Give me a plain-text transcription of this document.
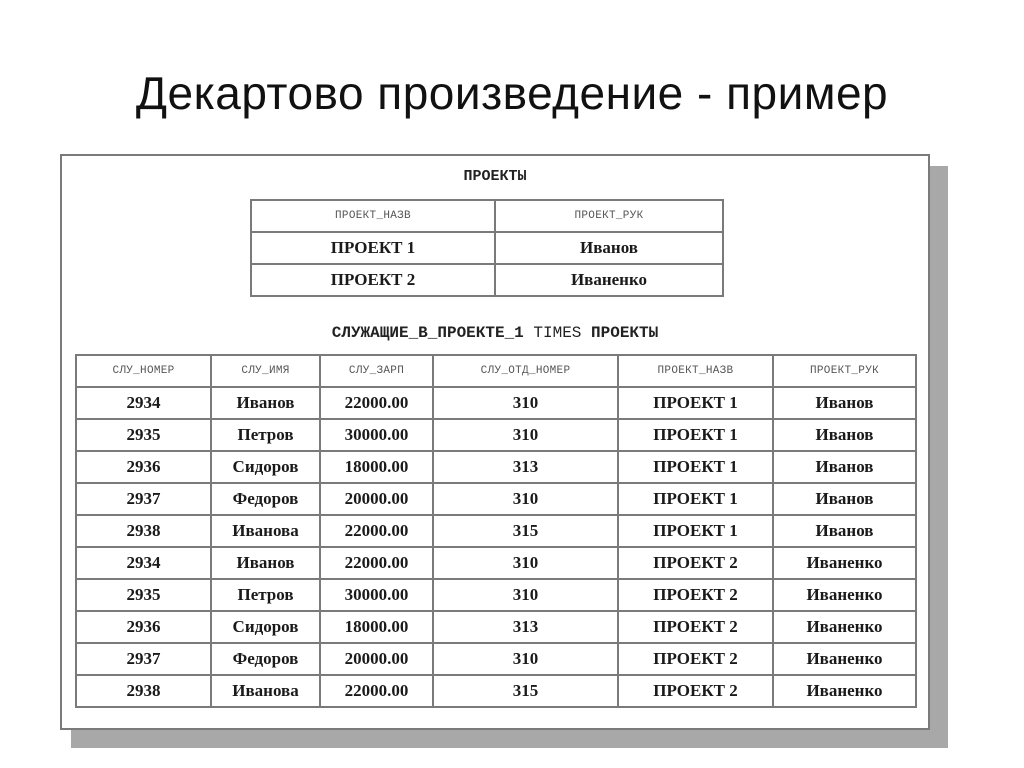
Декартово произведение - пример
ПРОЕКТЫ
ПРОЕКТ_НАЗВ	ПРОЕКТ_РУК
ПРОЕКТ 1	Иванов
ПРОЕКТ 2	Иваненко
СЛУЖАЩИЕ_В_ПРОЕКТЕ_1 TIMES ПРОЕКТЫ
СЛУ_НОМЕР	СЛУ_ИМЯ	СЛУ_ЗАРП	СЛУ_ОТД_НОМЕР	ПРОЕКТ_НАЗВ	ПРОЕКТ_РУК
2934	Иванов	22000.00	310	ПРОЕКТ 1	Иванов
2935	Петров	30000.00	310	ПРОЕКТ 1	Иванов
2936	Сидоров	18000.00	313	ПРОЕКТ 1	Иванов
2937	Федоров	20000.00	310	ПРОЕКТ 1	Иванов
2938	Иванова	22000.00	315	ПРОЕКТ 1	Иванов
2934	Иванов	22000.00	310	ПРОЕКТ 2	Иваненко
2935	Петров	30000.00	310	ПРОЕКТ 2	Иваненко
2936	Сидоров	18000.00	313	ПРОЕКТ 2	Иваненко
2937	Федоров	20000.00	310	ПРОЕКТ 2	Иваненко
2938	Иванова	22000.00	315	ПРОЕКТ 2	Иваненко
